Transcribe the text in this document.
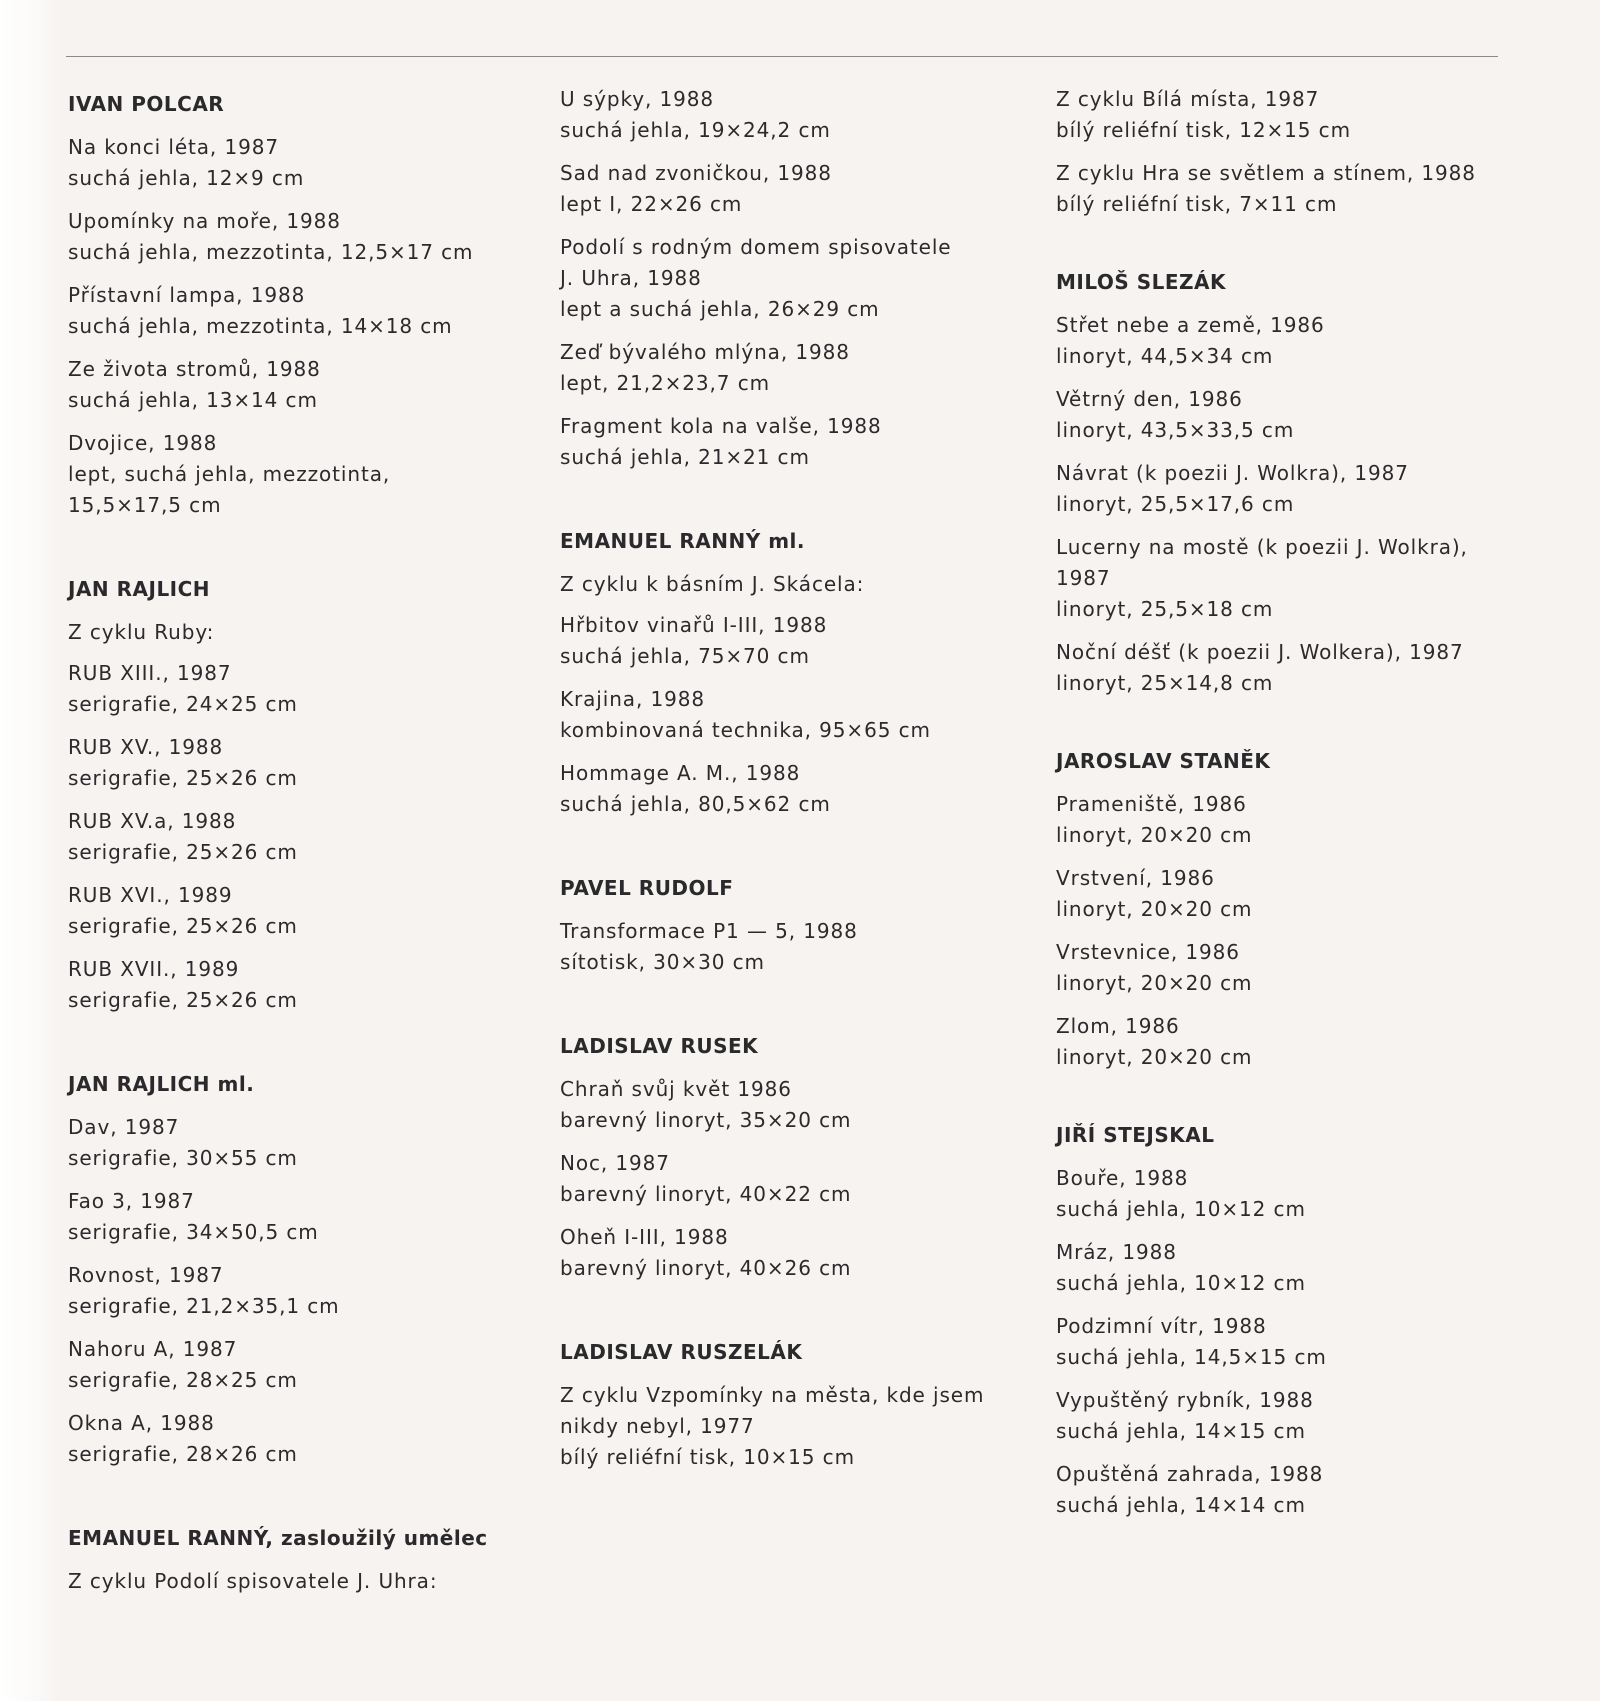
IVAN POLCAR
Na konci léta, 1987
suchá jehla, 12×9 cm
Upomínky na moře, 1988
suchá jehla, mezzotinta, 12,5×17 cm
Přístavní lampa, 1988
suchá jehla, mezzotinta, 14×18 cm
Ze života stromů, 1988
suchá jehla, 13×14 cm
Dvojice, 1988
lept, suchá jehla, mezzotinta,
15,5×17,5 cm
JAN RAJLICH
Z cyklu Ruby:
RUB XIII., 1987
serigrafie, 24×25 cm
RUB XV., 1988
serigrafie, 25×26 cm
RUB XV.a, 1988
serigrafie, 25×26 cm
RUB XVI., 1989
serigrafie, 25×26 cm
RUB XVII., 1989
serigrafie, 25×26 cm
JAN RAJLICH ml.
Dav, 1987
serigrafie, 30×55 cm
Fao 3, 1987
serigrafie, 34×50,5 cm
Rovnost, 1987
serigrafie, 21,2×35,1 cm
Nahoru A, 1987
serigrafie, 28×25 cm
Okna A, 1988
serigrafie, 28×26 cm
EMANUEL RANNÝ, zasloužilý umělec
Z cyklu Podolí spisovatele J. Uhra:
U sýpky, 1988
suchá jehla, 19×24,2 cm
Sad nad zvoničkou, 1988
lept I, 22×26 cm
Podolí s rodným domem spisovatele
J. Uhra, 1988
lept a suchá jehla, 26×29 cm
Zeď bývalého mlýna, 1988
lept, 21,2×23,7 cm
Fragment kola na valše, 1988
suchá jehla, 21×21 cm
EMANUEL RANNÝ ml.
Z cyklu k básním J. Skácela:
Hřbitov vinařů I-III, 1988
suchá jehla, 75×70 cm
Krajina, 1988
kombinovaná technika, 95×65 cm
Hommage A. M., 1988
suchá jehla, 80,5×62 cm
PAVEL RUDOLF
Transformace P1 — 5, 1988
sítotisk, 30×30 cm
LADISLAV RUSEK
Chraň svůj květ 1986
barevný linoryt, 35×20 cm
Noc, 1987
barevný linoryt, 40×22 cm
Oheň I-III, 1988
barevný linoryt, 40×26 cm
LADISLAV RUSZELÁK
Z cyklu Vzpomínky na města, kde jsem
nikdy nebyl, 1977
bílý reliéfní tisk, 10×15 cm
Z cyklu Bílá místa, 1987
bílý reliéfní tisk, 12×15 cm
Z cyklu Hra se světlem a stínem, 1988
bílý reliéfní tisk, 7×11 cm
MILOŠ SLEZÁK
Střet nebe a země, 1986
linoryt, 44,5×34 cm
Větrný den, 1986
linoryt, 43,5×33,5 cm
Návrat (k poezii J. Wolkra), 1987
linoryt, 25,5×17,6 cm
Lucerny na mostě (k poezii J. Wolkra),
1987
linoryt, 25,5×18 cm
Noční déšť (k poezii J. Wolkera), 1987
linoryt, 25×14,8 cm
JAROSLAV STANĚK
Prameniště, 1986
linoryt, 20×20 cm
Vrstvení, 1986
linoryt, 20×20 cm
Vrstevnice, 1986
linoryt, 20×20 cm
Zlom, 1986
linoryt, 20×20 cm
JIŘÍ STEJSKAL
Bouře, 1988
suchá jehla, 10×12 cm
Mráz, 1988
suchá jehla, 10×12 cm
Podzimní vítr, 1988
suchá jehla, 14,5×15 cm
Vypuštěný rybník, 1988
suchá jehla, 14×15 cm
Opuštěná zahrada, 1988
suchá jehla, 14×14 cm
